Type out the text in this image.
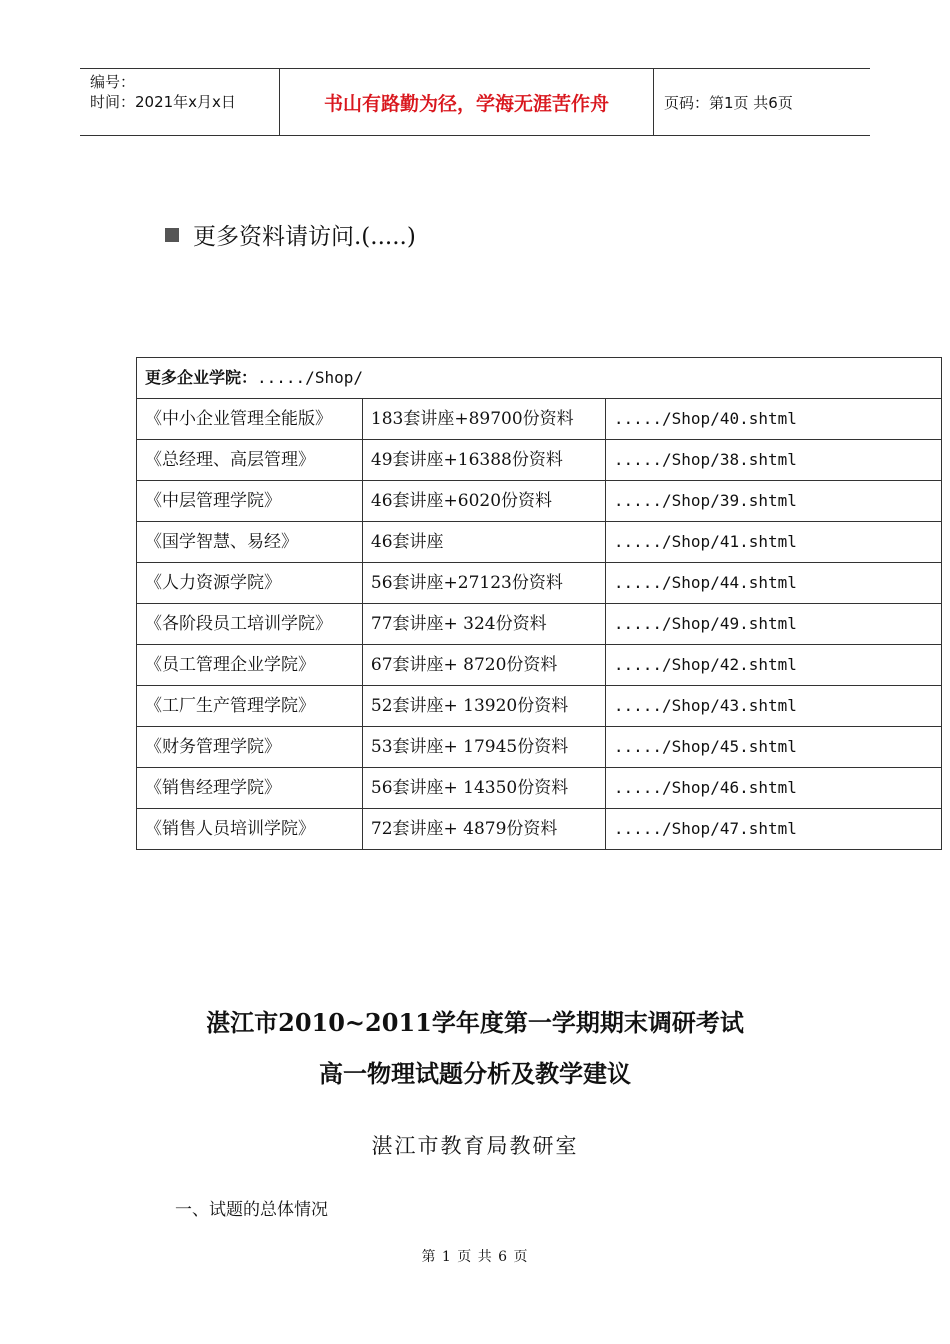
编号：
时间：2021年x月x日	书山有路勤为径，学海无涯苦作舟	页码：第1页 共6页
更多资料请访问.(.....)
更多企业学院：...../Shop/		
《中小企业管理全能版》	183套讲座+89700份资料	...../Shop/40.shtml
《总经理、高层管理》	49套讲座+16388份资料	...../Shop/38.shtml
《中层管理学院》	46套讲座+6020份资料	...../Shop/39.shtml
《国学智慧、易经》	46套讲座	...../Shop/41.shtml
《人力资源学院》	56套讲座+27123份资料	...../Shop/44.shtml
《各阶段员工培训学院》	77套讲座+ 324份资料	...../Shop/49.shtml
《员工管理企业学院》	67套讲座+ 8720份资料	...../Shop/42.shtml
《工厂生产管理学院》	52套讲座+ 13920份资料	...../Shop/43.shtml
《财务管理学院》	53套讲座+ 17945份资料	...../Shop/45.shtml
《销售经理学院》	56套讲座+ 14350份资料	...../Shop/46.shtml
《销售人员培训学院》	72套讲座+ 4879份资料	...../Shop/47.shtml
湛江市2010~2011学年度第一学期期末调研考试
高一物理试题分析及教学建议
湛江市教育局教研室
一、试题的总体情况
第 1 页 共 6 页
